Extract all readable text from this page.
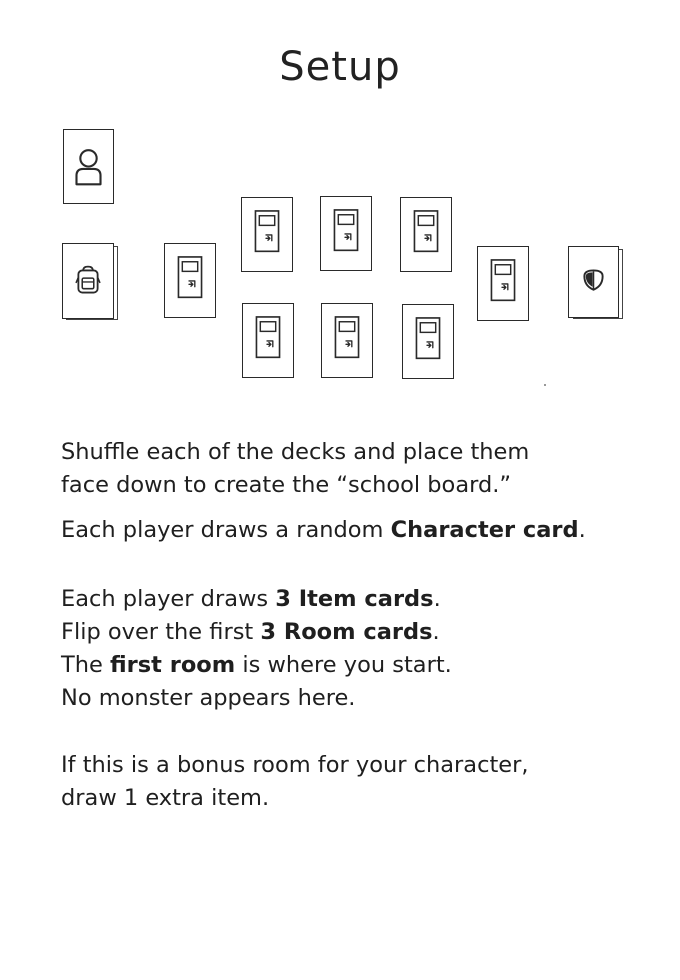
Setup

Shuffle each of the decks and place them

face down to create the “school board.”

Each player draws a random Character card.

Each player draws 3 Item cards.

Flip over the first 3 Room cards.

The first room is where you start.

No monster appears here.

If this is a bonus room for your character,

draw 1 extra item.
